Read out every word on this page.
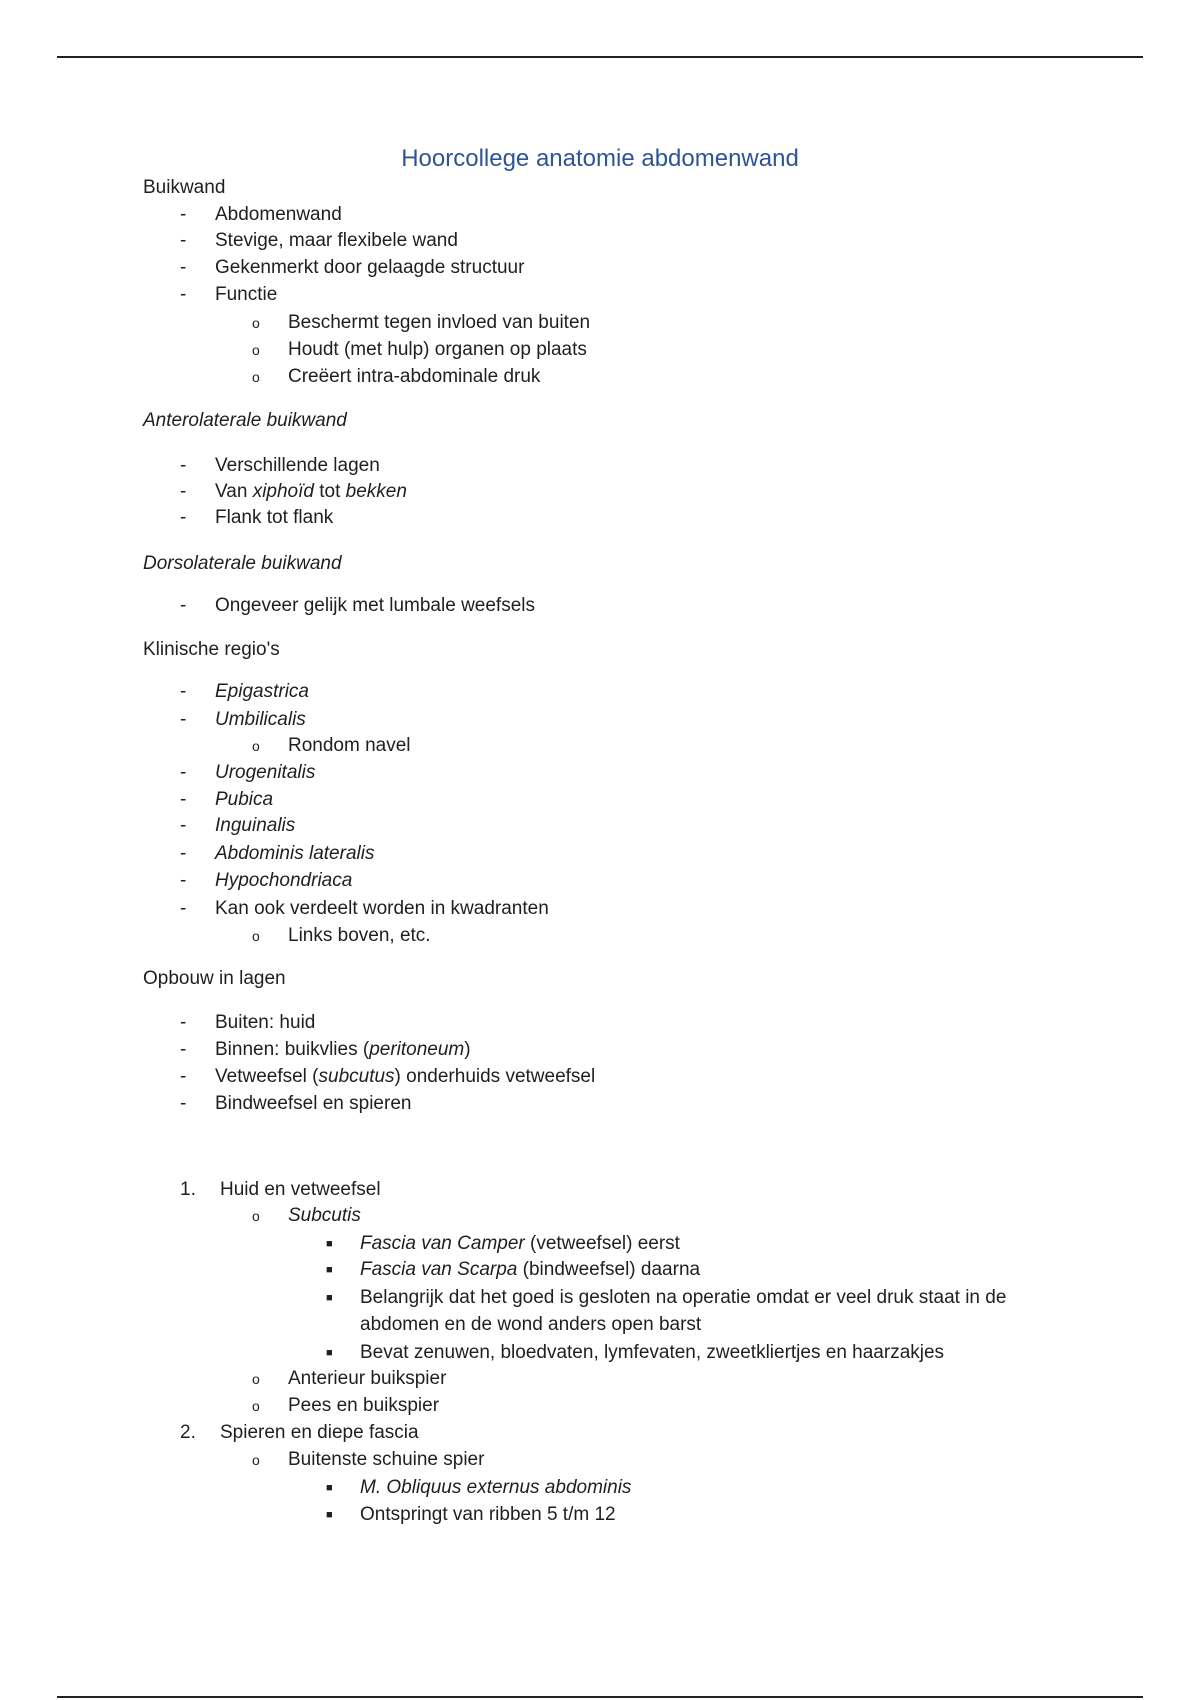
Hoorcollege anatomie abdomenwand
Buikwand
- Abdomenwand
- Stevige, maar flexibele wand
- Gekenmerkt door gelaagde structuur
- Functie
o Beschermt tegen invloed van buiten
o Houdt (met hulp) organen op plaats
o Creëert intra-abdominale druk
Anterolaterale buikwand
- Verschillende lagen
- Van xiphoïd tot bekken
- Flank tot flank
Dorsolaterale buikwand
- Ongeveer gelijk met lumbale weefsels
Klinische regio's
- Epigastrica
- Umbilicalis
o Rondom navel
- Urogenitalis
- Pubica
- Inguinalis
- Abdominis lateralis
- Hypochondriaca
- Kan ook verdeelt worden in kwadranten
o Links boven, etc.
Opbouw in lagen
- Buiten: huid
- Binnen: buikvlies (peritoneum)
- Vetweefsel (subcutus) onderhuids vetweefsel
- Bindweefsel en spieren
1. Huid en vetweefsel
o Subcutis
■ Fascia van Camper (vetweefsel) eerst
■ Fascia van Scarpa (bindweefsel) daarna
■ Belangrijk dat het goed is gesloten na operatie omdat er veel druk staat in de
abdomen en de wond anders open barst
■ Bevat zenuwen, bloedvaten, lymfevaten, zweetkliertjes en haarzakjes
o Anterieur buikspier
o Pees en buikspier
2. Spieren en diepe fascia
o Buitenste schuine spier
■ M. Obliquus externus abdominis
■ Ontspringt van ribben 5 t/m 12
